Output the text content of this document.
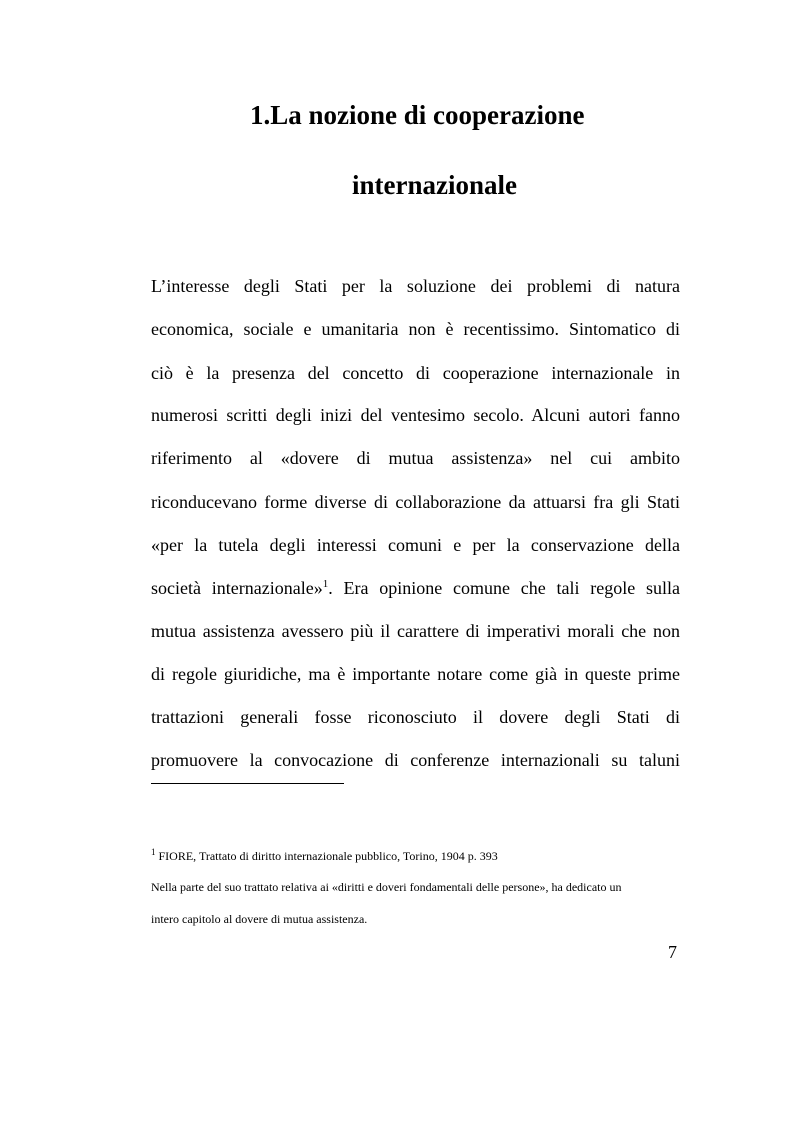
1.La nozione di cooperazione
internazionale
L’interesse degli Stati per la soluzione dei problemi di natura
economica, sociale e umanitaria non è recentissimo. Sintomatico di
ciò è la presenza del concetto di cooperazione internazionale in
numerosi scritti degli inizi del ventesimo secolo. Alcuni autori fanno
riferimento al «dovere di mutua assistenza» nel cui ambito
riconducevano forme diverse di collaborazione da attuarsi fra gli Stati
«per la tutela degli interessi comuni e per la conservazione della
società internazionale»$^1$. Era opinione comune che tali regole sulla
mutua assistenza avessero più il carattere di imperativi morali che non
di regole giuridiche, ma è importante notare come già in queste prime
trattazioni generali fosse riconosciuto il dovere degli Stati di
promuovere la convocazione di conferenze internazionali su taluni
$^1$ FIORE, Trattato di diritto internazionale pubblico, Torino, 1904 p. 393
Nella parte del suo trattato relativa ai «diritti e doveri fondamentali delle persone», ha dedicato un
intero capitolo al dovere di mutua assistenza.
7
